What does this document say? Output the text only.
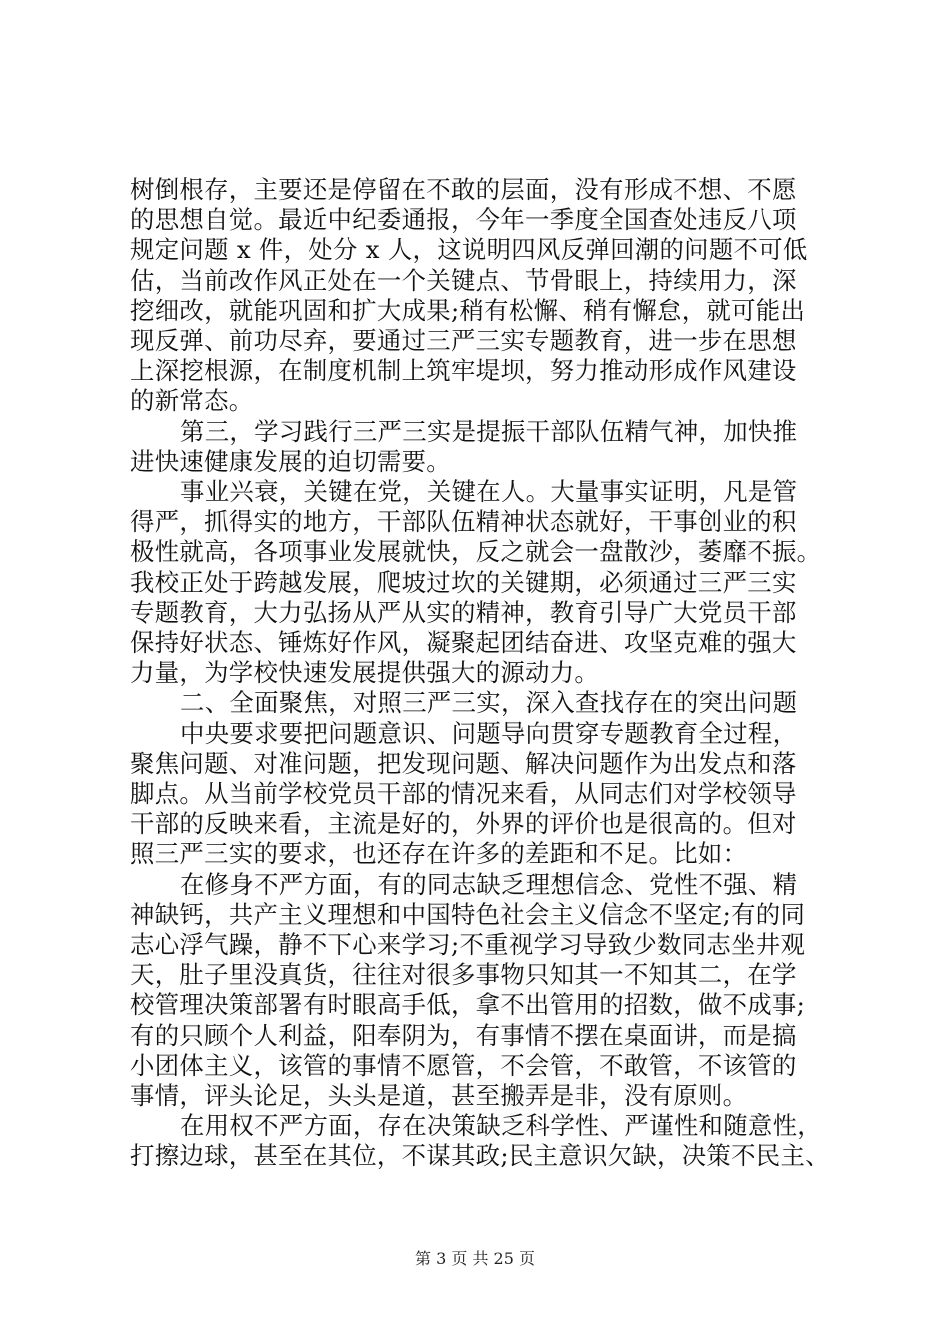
树倒根存，主要还是停留在不敢的层面，没有形成不想、不愿
的思想自觉。最近中纪委通报，今年一季度全国查处违反八项
规定问题 x 件，处分 x 人，这说明四风反弹回潮的问题不可低
估，当前改作风正处在一个关键点、节骨眼上，持续用力，深
挖细改，就能巩固和扩大成果;稍有松懈、稍有懈怠，就可能出
现反弹、前功尽弃，要通过三严三实专题教育，进一步在思想
上深挖根源，在制度机制上筑牢堤坝，努力推动形成作风建设
的新常态。
第三，学习践行三严三实是提振干部队伍精气神，加快推
进快速健康发展的迫切需要。
事业兴衰，关键在党，关键在人。大量事实证明，凡是管
得严，抓得实的地方，干部队伍精神状态就好，干事创业的积
极性就高，各项事业发展就快，反之就会一盘散沙，萎靡不振。
我校正处于跨越发展，爬坡过坎的关键期，必须通过三严三实
专题教育，大力弘扬从严从实的精神，教育引导广大党员干部
保持好状态、锤炼好作风，凝聚起团结奋进、攻坚克难的强大
力量，为学校快速发展提供强大的源动力。
二、全面聚焦，对照三严三实，深入查找存在的突出问题
中央要求要把问题意识、问题导向贯穿专题教育全过程，
聚焦问题、对准问题，把发现问题、解决问题作为出发点和落
脚点。从当前学校党员干部的情况来看，从同志们对学校领导
干部的反映来看，主流是好的，外界的评价也是很高的。但对
照三严三实的要求，也还存在许多的差距和不足。比如：
在修身不严方面，有的同志缺乏理想信念、党性不强、精
神缺钙，共产主义理想和中国特色社会主义信念不坚定;有的同
志心浮气躁，静不下心来学习;不重视学习导致少数同志坐井观
天，肚子里没真货，往往对很多事物只知其一不知其二，在学
校管理决策部署有时眼高手低，拿不出管用的招数，做不成事;
有的只顾个人利益，阳奉阴为，有事情不摆在桌面讲，而是搞
小团体主义，该管的事情不愿管，不会管，不敢管，不该管的
事情，评头论足，头头是道，甚至搬弄是非，没有原则。
在用权不严方面，存在决策缺乏科学性、严谨性和随意性，
打擦边球，甚至在其位，不谋其政;民主意识欠缺，决策不民主、
第 3 页 共 25 页
